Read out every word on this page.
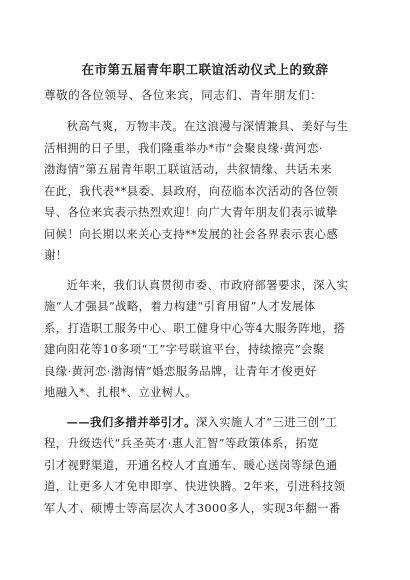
在市第五届青年职工联谊活动仪式上的致辞

尊敬的各位领导、各位来宾，同志们、青年朋友们：

秋高气爽，万物丰茂。在这浪漫与深情兼具、美好与生
活相拥的日子里，我们隆重举办*市“会聚良缘·黄河恋·
渤海情”第五届青年职工联谊活动，共叙情缘、共话未来
在此，我代表**县委、县政府，向莅临本次活动的各位领
导、各位来宾表示热烈欢迎！向广大青年朋友们表示诚挚
问候！向长期以来关心支持**发展的社会各界表示衷心感
谢！

近年来，我们认真贯彻市委、市政府部署要求，深入实
施“人才强县”战略，着力构建“引育用留”人才发展体
系，打造职工服务中心、职工健身中心等4大服务阵地，搭
建向阳花等10多项“工”字号联谊平台，持续擦亮“会聚
良缘·黄河恋·渤海情”婚恋服务品牌，让青年才俊更好
地融入*、扎根*、立业树人。

——我们多措并举引才。深入实施人才“三进三创”工
程，升级迭代“兵圣英才·惠人汇智”等政策体系，拓宽
引才视野渠道，开通名校人才直通车、暖心送岗等绿色通
道，让更多人才免申即享、快进快腾。2年来，引进科技领
军人才、硕博士等高层次人才3000多人，实现3年翻一番
